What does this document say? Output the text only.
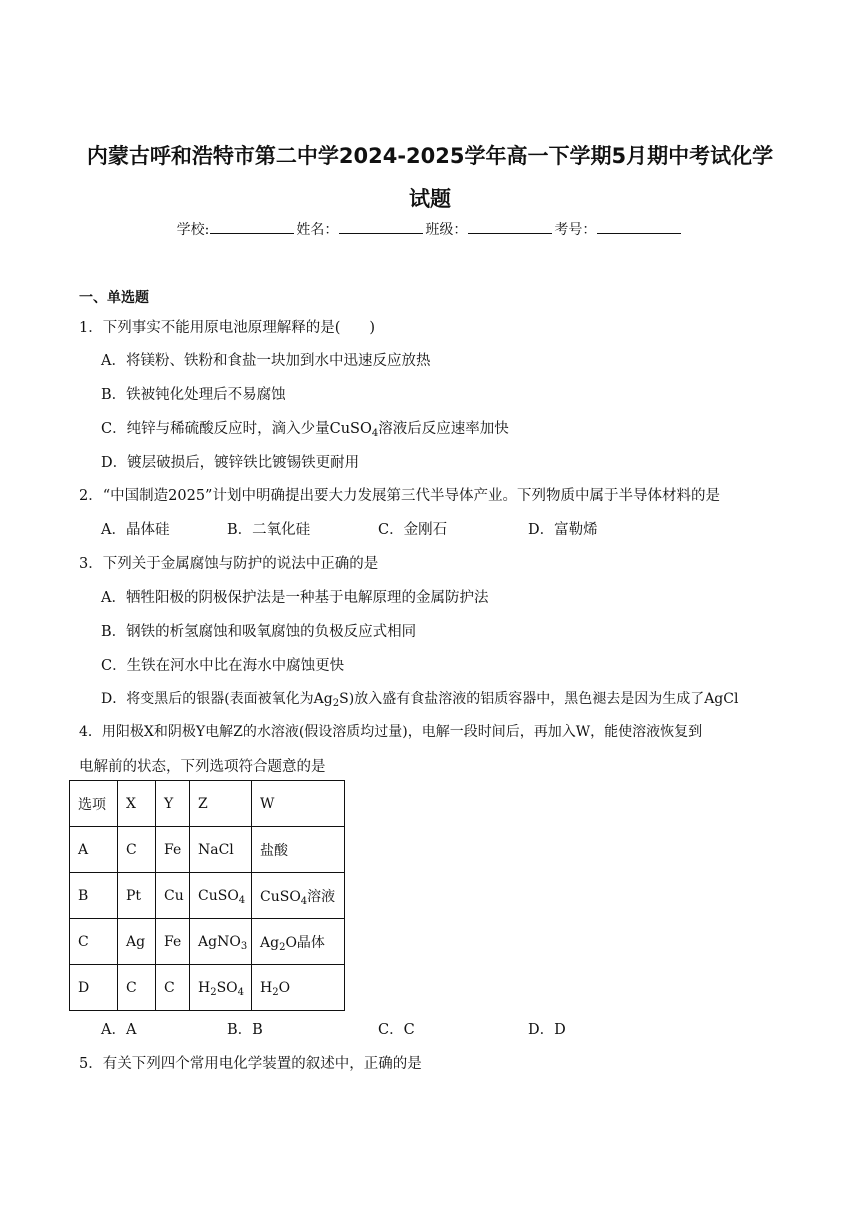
内蒙古呼和浩特市第二中学2024-2025学年高一下学期5月期中考试化学
试题
学校:	姓名：	班级：	考号：
一、单选题
1．下列事实不能用原电池原理解释的是(　　)
A．将镁粉、铁粉和食盐一块加到水中迅速反应放热
B．铁被钝化处理后不易腐蚀
C．纯锌与稀硫酸反应时，滴入少量CuSO$_4$溶液后反应速率加快
D．镀层破损后，镀锌铁比镀锡铁更耐用
2．“中国制造2025”计划中明确提出要大力发展第三代半导体产业。下列物质中属于半导体材料的是
A．晶体硅	B．二氧化硅	C．金刚石	D．富勒烯
3．下列关于金属腐蚀与防护的说法中正确的是
A．牺牲阳极的阴极保护法是一种基于电解原理的金属防护法
B．钢铁的析氢腐蚀和吸氧腐蚀的负极反应式相同
C．生铁在河水中比在海水中腐蚀更快
D．将变黑后的银器(表面被氧化为$Ag_2S$)放入盛有食盐溶液的铝质容器中，黑色褪去是因为生成了AgCl
4．用阳极X和阴极Y电解Z的水溶液(假设溶质均过量)，电解一段时间后，再加入W，能使溶液恢复到
电解前的状态，下列选项符合题意的是
选项	X	Y	Z	W
A	C	Fe	NaCl	盐酸
B	Pt	Cu	CuSO$_4$	CuSO$_4$溶液
C	Ag	Fe	AgNO$_3$	$Ag_2O$晶体
D	C	C	$H_2SO_4$	$H_2O$
A．A	B．B	C．C	D．D
5．有关下列四个常用电化学装置的叙述中，正确的是
